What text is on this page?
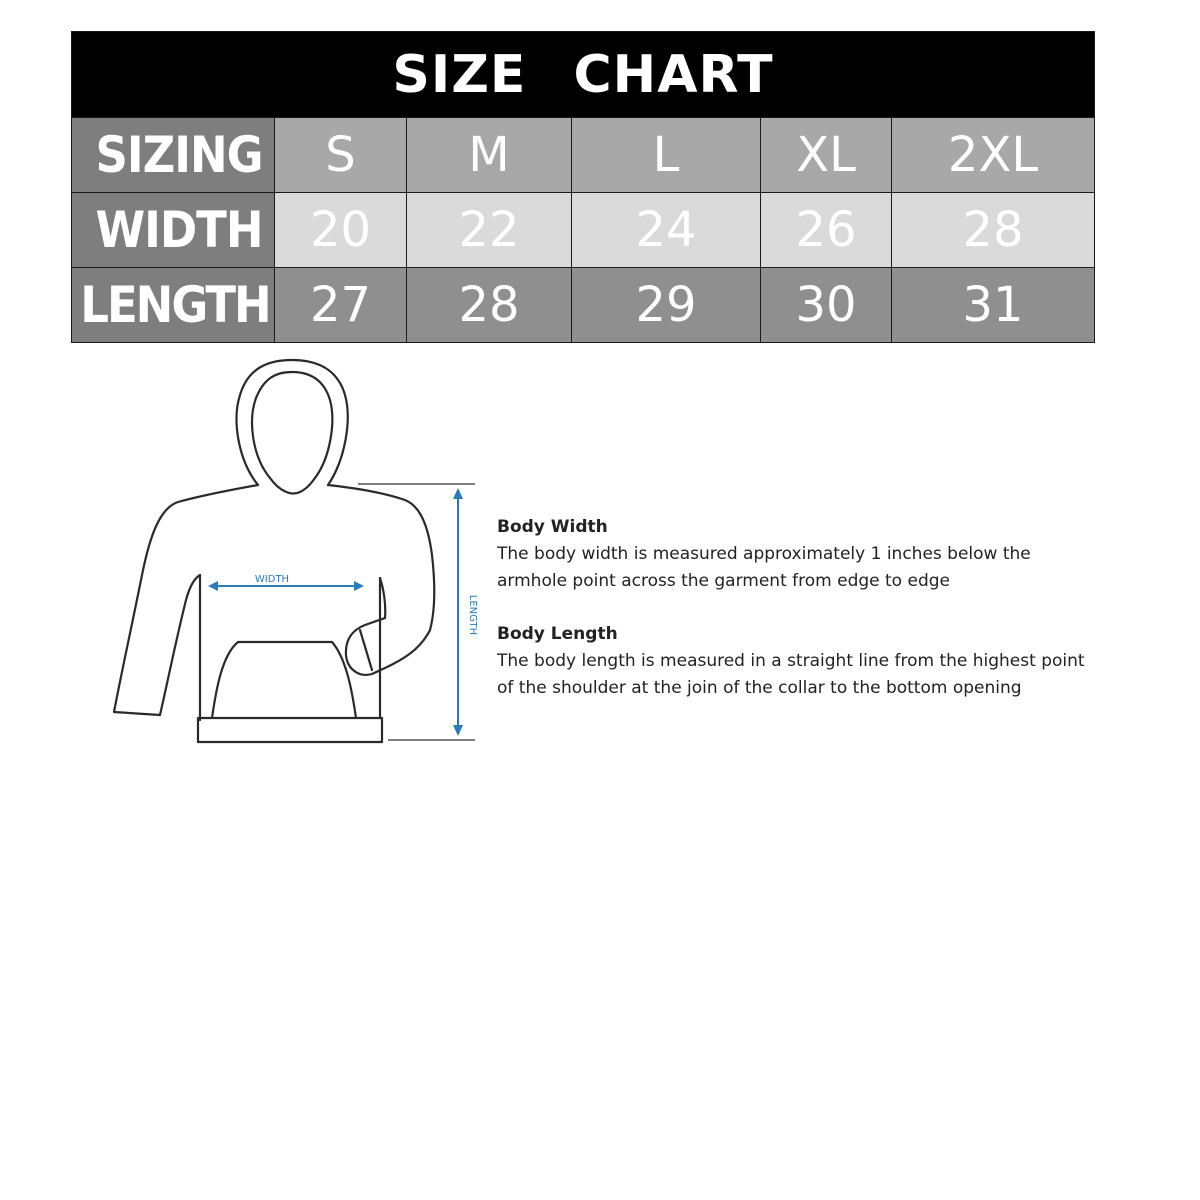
SIZE CHART					
SIZING	S	M	L	XL	2XL
WIDTH	20	22	24	26	28
LENGTH	27	28	29	30	31
WIDTH
LENGTH

Body Width

The body width is measured approximately 1 inches below the

armhole point across the garment from edge to edge

Body Length

The body length is measured in a straight line from the highest point

of the shoulder at the join of the collar to the bottom opening
